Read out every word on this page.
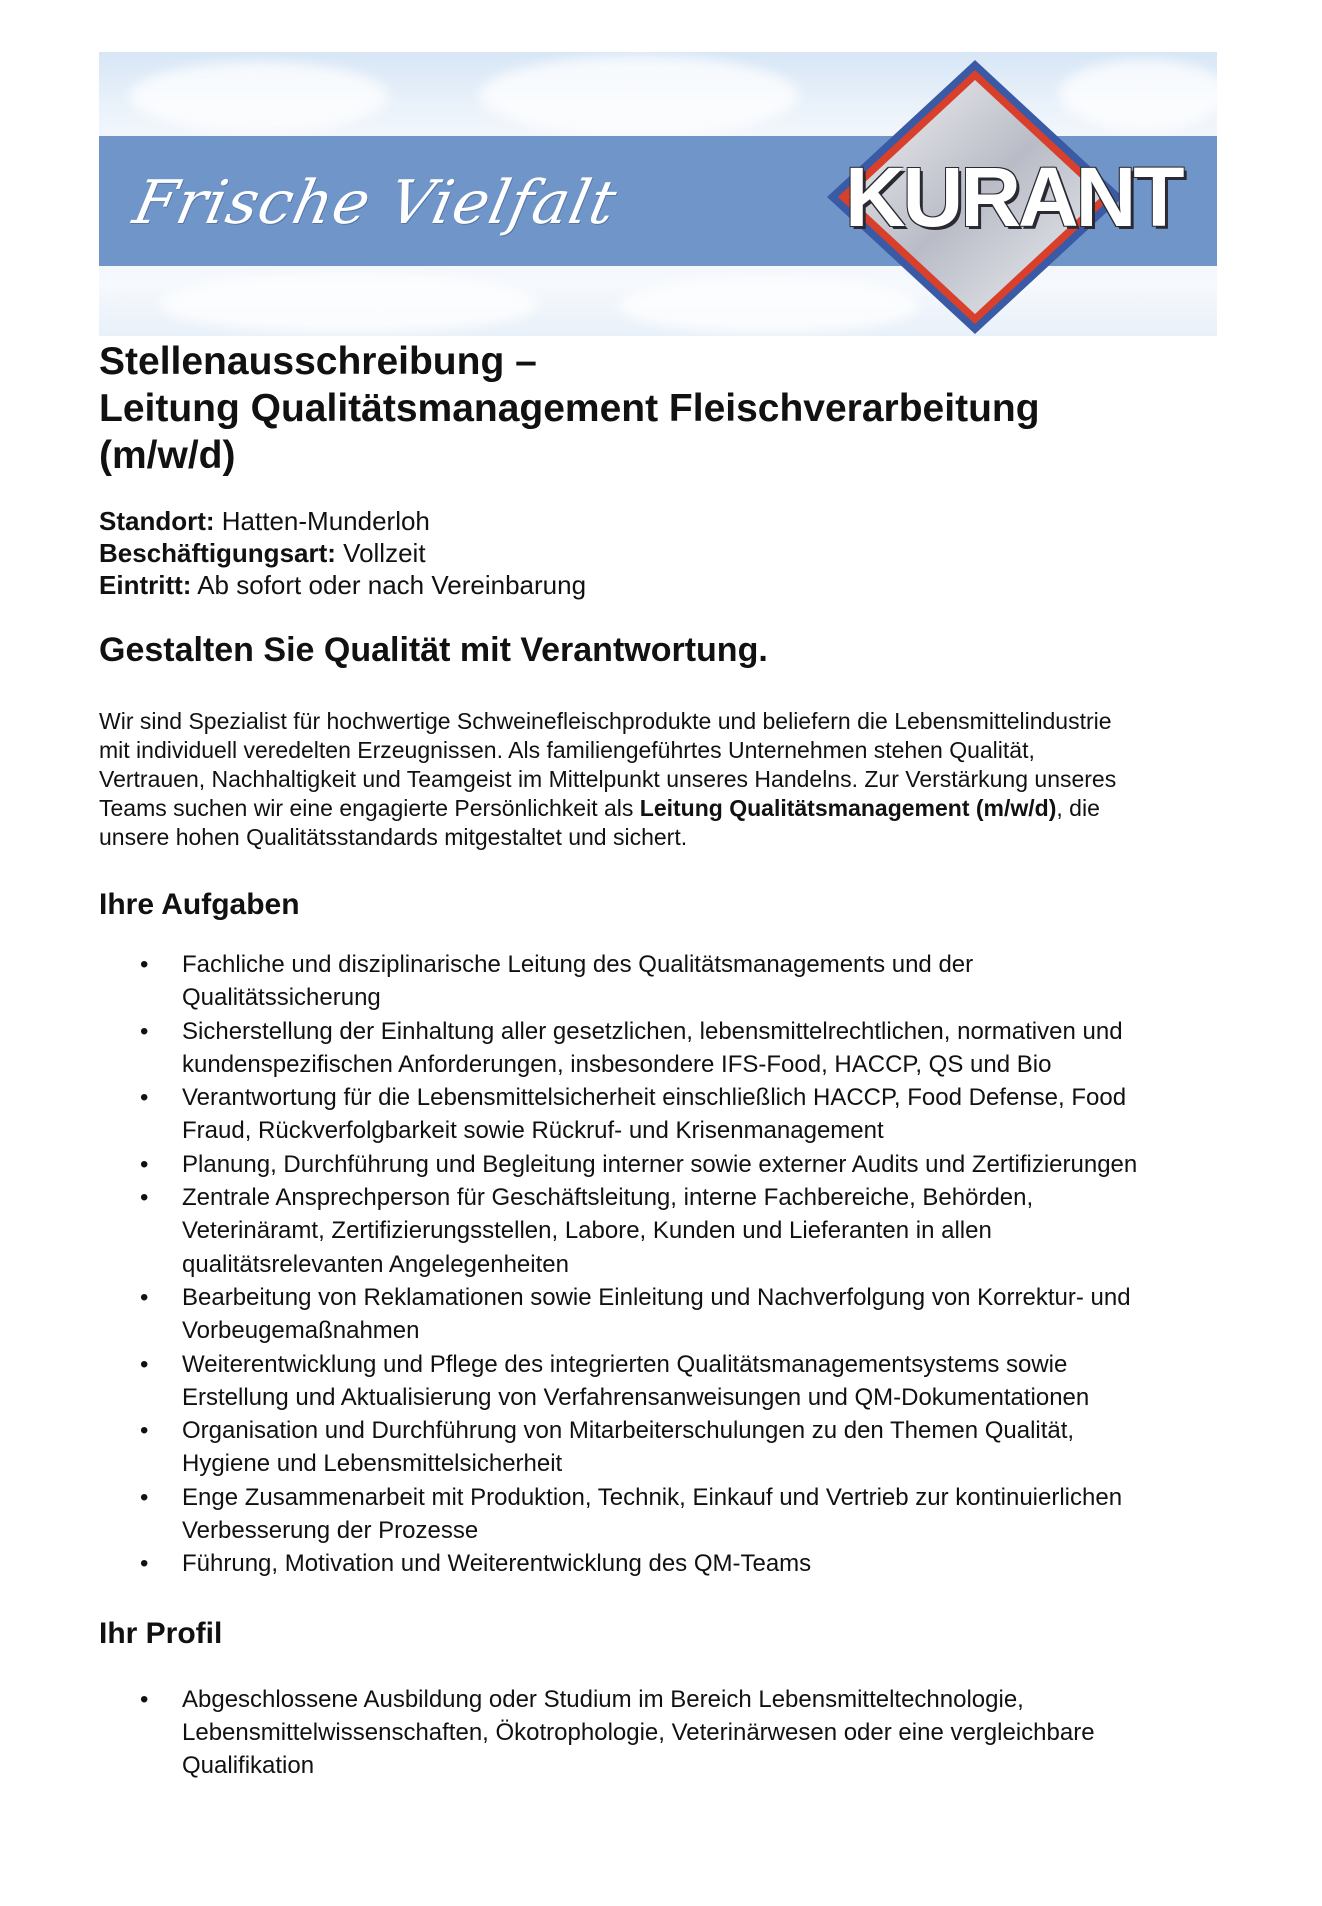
Frische Vielfalt	KURANT
Stellenausschreibung –
Leitung Qualitätsmanagement Fleischverarbeitung
(m/w/d)
Standort: Hatten-Munderloh
Beschäftigungsart: Vollzeit
Eintritt: Ab sofort oder nach Vereinbarung
Gestalten Sie Qualität mit Verantwortung.
Wir sind Spezialist für hochwertige Schweinefleischprodukte und beliefern die Lebensmittelindustrie
mit individuell veredelten Erzeugnissen. Als familiengeführtes Unternehmen stehen Qualität,
Vertrauen, Nachhaltigkeit und Teamgeist im Mittelpunkt unseres Handelns. Zur Verstärkung unseres
Teams suchen wir eine engagierte Persönlichkeit als Leitung Qualitätsmanagement (m/w/d), die
unsere hohen Qualitätsstandards mitgestaltet und sichert.
Ihre Aufgaben
• Fachliche und disziplinarische Leitung des Qualitätsmanagements und der
Qualitätssicherung
• Sicherstellung der Einhaltung aller gesetzlichen, lebensmittelrechtlichen, normativen und
kundenspezifischen Anforderungen, insbesondere IFS-Food, HACCP, QS und Bio
• Verantwortung für die Lebensmittelsicherheit einschließlich HACCP, Food Defense, Food
Fraud, Rückverfolgbarkeit sowie Rückruf- und Krisenmanagement
• Planung, Durchführung und Begleitung interner sowie externer Audits und Zertifizierungen
• Zentrale Ansprechperson für Geschäftsleitung, interne Fachbereiche, Behörden,
Veterinäramt, Zertifizierungsstellen, Labore, Kunden und Lieferanten in allen
qualitätsrelevanten Angelegenheiten
• Bearbeitung von Reklamationen sowie Einleitung und Nachverfolgung von Korrektur- und
Vorbeugemaßnahmen
• Weiterentwicklung und Pflege des integrierten Qualitätsmanagementsystems sowie
Erstellung und Aktualisierung von Verfahrensanweisungen und QM-Dokumentationen
• Organisation und Durchführung von Mitarbeiterschulungen zu den Themen Qualität,
Hygiene und Lebensmittelsicherheit
• Enge Zusammenarbeit mit Produktion, Technik, Einkauf und Vertrieb zur kontinuierlichen
Verbesserung der Prozesse
• Führung, Motivation und Weiterentwicklung des QM-Teams
Ihr Profil
• Abgeschlossene Ausbildung oder Studium im Bereich Lebensmitteltechnologie,
Lebensmittelwissenschaften, Ökotrophologie, Veterinärwesen oder eine vergleichbare
Qualifikation
